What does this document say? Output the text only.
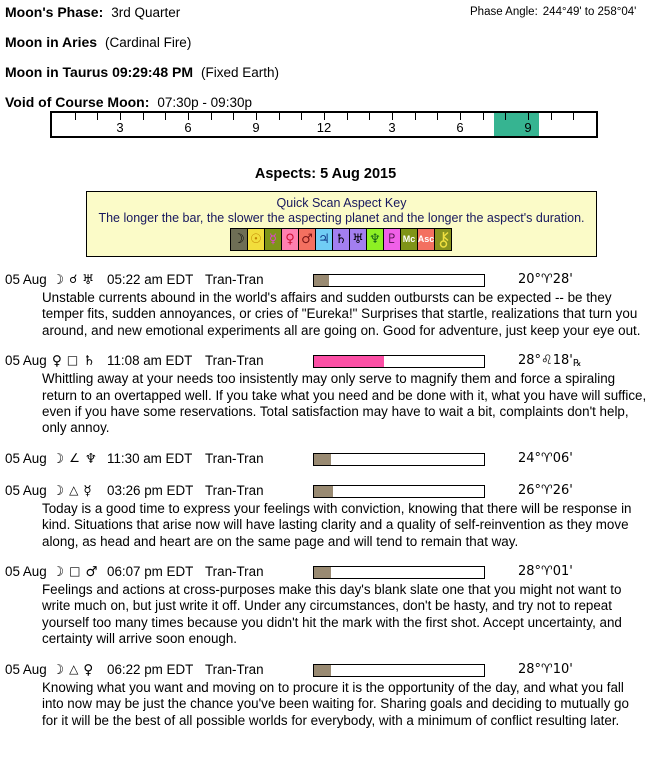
Moon's Phase: 3rd Quarter	Phase Angle: 244°49' to 258°04'
Moon in Aries (Cardinal Fire)
Moon in Taurus 09:29:48 PM (Fixed Earth)
Void of Course Moon: 07:30p - 09:30p
3	6	9	12	3	6	9
Aspects: 5 Aug 2015
Quick Scan Aspect Key
The longer the bar, the slower the aspecting planet and the longer the aspect's duration.
☽ ☉ ☿ ♀ ♂ ♃ ♄ ♅ ♆ ♇ Mc Asc
05 Aug ☽ ☌ ♅ 05:22 am EDT Tran-Tran	20°♈28'
Unstable currents abound in the world's affairs and sudden outbursts can be expected -- be they temper fits, sudden annoyances, or cries of "Eureka!" Surprises that startle, realizations that turn you around, and new emotional experiments all are going on. Good for adventure, just keep your eye out.
05 Aug ♀ □ ♄ 11:08 am EDT Tran-Tran	28°♌18'℞
Whittling away at your needs too insistently may only serve to magnify them and force a spiraling return to an overtapped well. If you take what you need and be done with it, what you have will suffice, even if you have some reservations. Total satisfaction may have to wait a bit, complaints don't help, only annoy.
05 Aug ☽ ∠ ♆ 11:30 am EDT Tran-Tran	24°♈06'
05 Aug ☽ △ ☿ 03:26 pm EDT Tran-Tran	26°♈26'
Today is a good time to express your feelings with conviction, knowing that there will be response in kind. Situations that arise now will have lasting clarity and a quality of self-reinvention as they move along, as head and heart are on the same page and will tend to remain that way.
05 Aug ☽ □ ♂ 06:07 pm EDT Tran-Tran	28°♈01'
Feelings and actions at cross-purposes make this day's blank slate one that you might not want to write much on, but just write it off. Under any circumstances, don't be hasty, and try not to repeat yourself too many times because you didn't hit the mark with the first shot. Accept uncertainty, and certainty will arrive soon enough.
05 Aug ☽ △ ♀ 06:22 pm EDT Tran-Tran	28°♈10'
Knowing what you want and moving on to procure it is the opportunity of the day, and what you fall into now may be just the chance you've been waiting for. Sharing goals and deciding to mutually go for it will be the best of all possible worlds for everybody, with a minimum of conflict resulting later.
